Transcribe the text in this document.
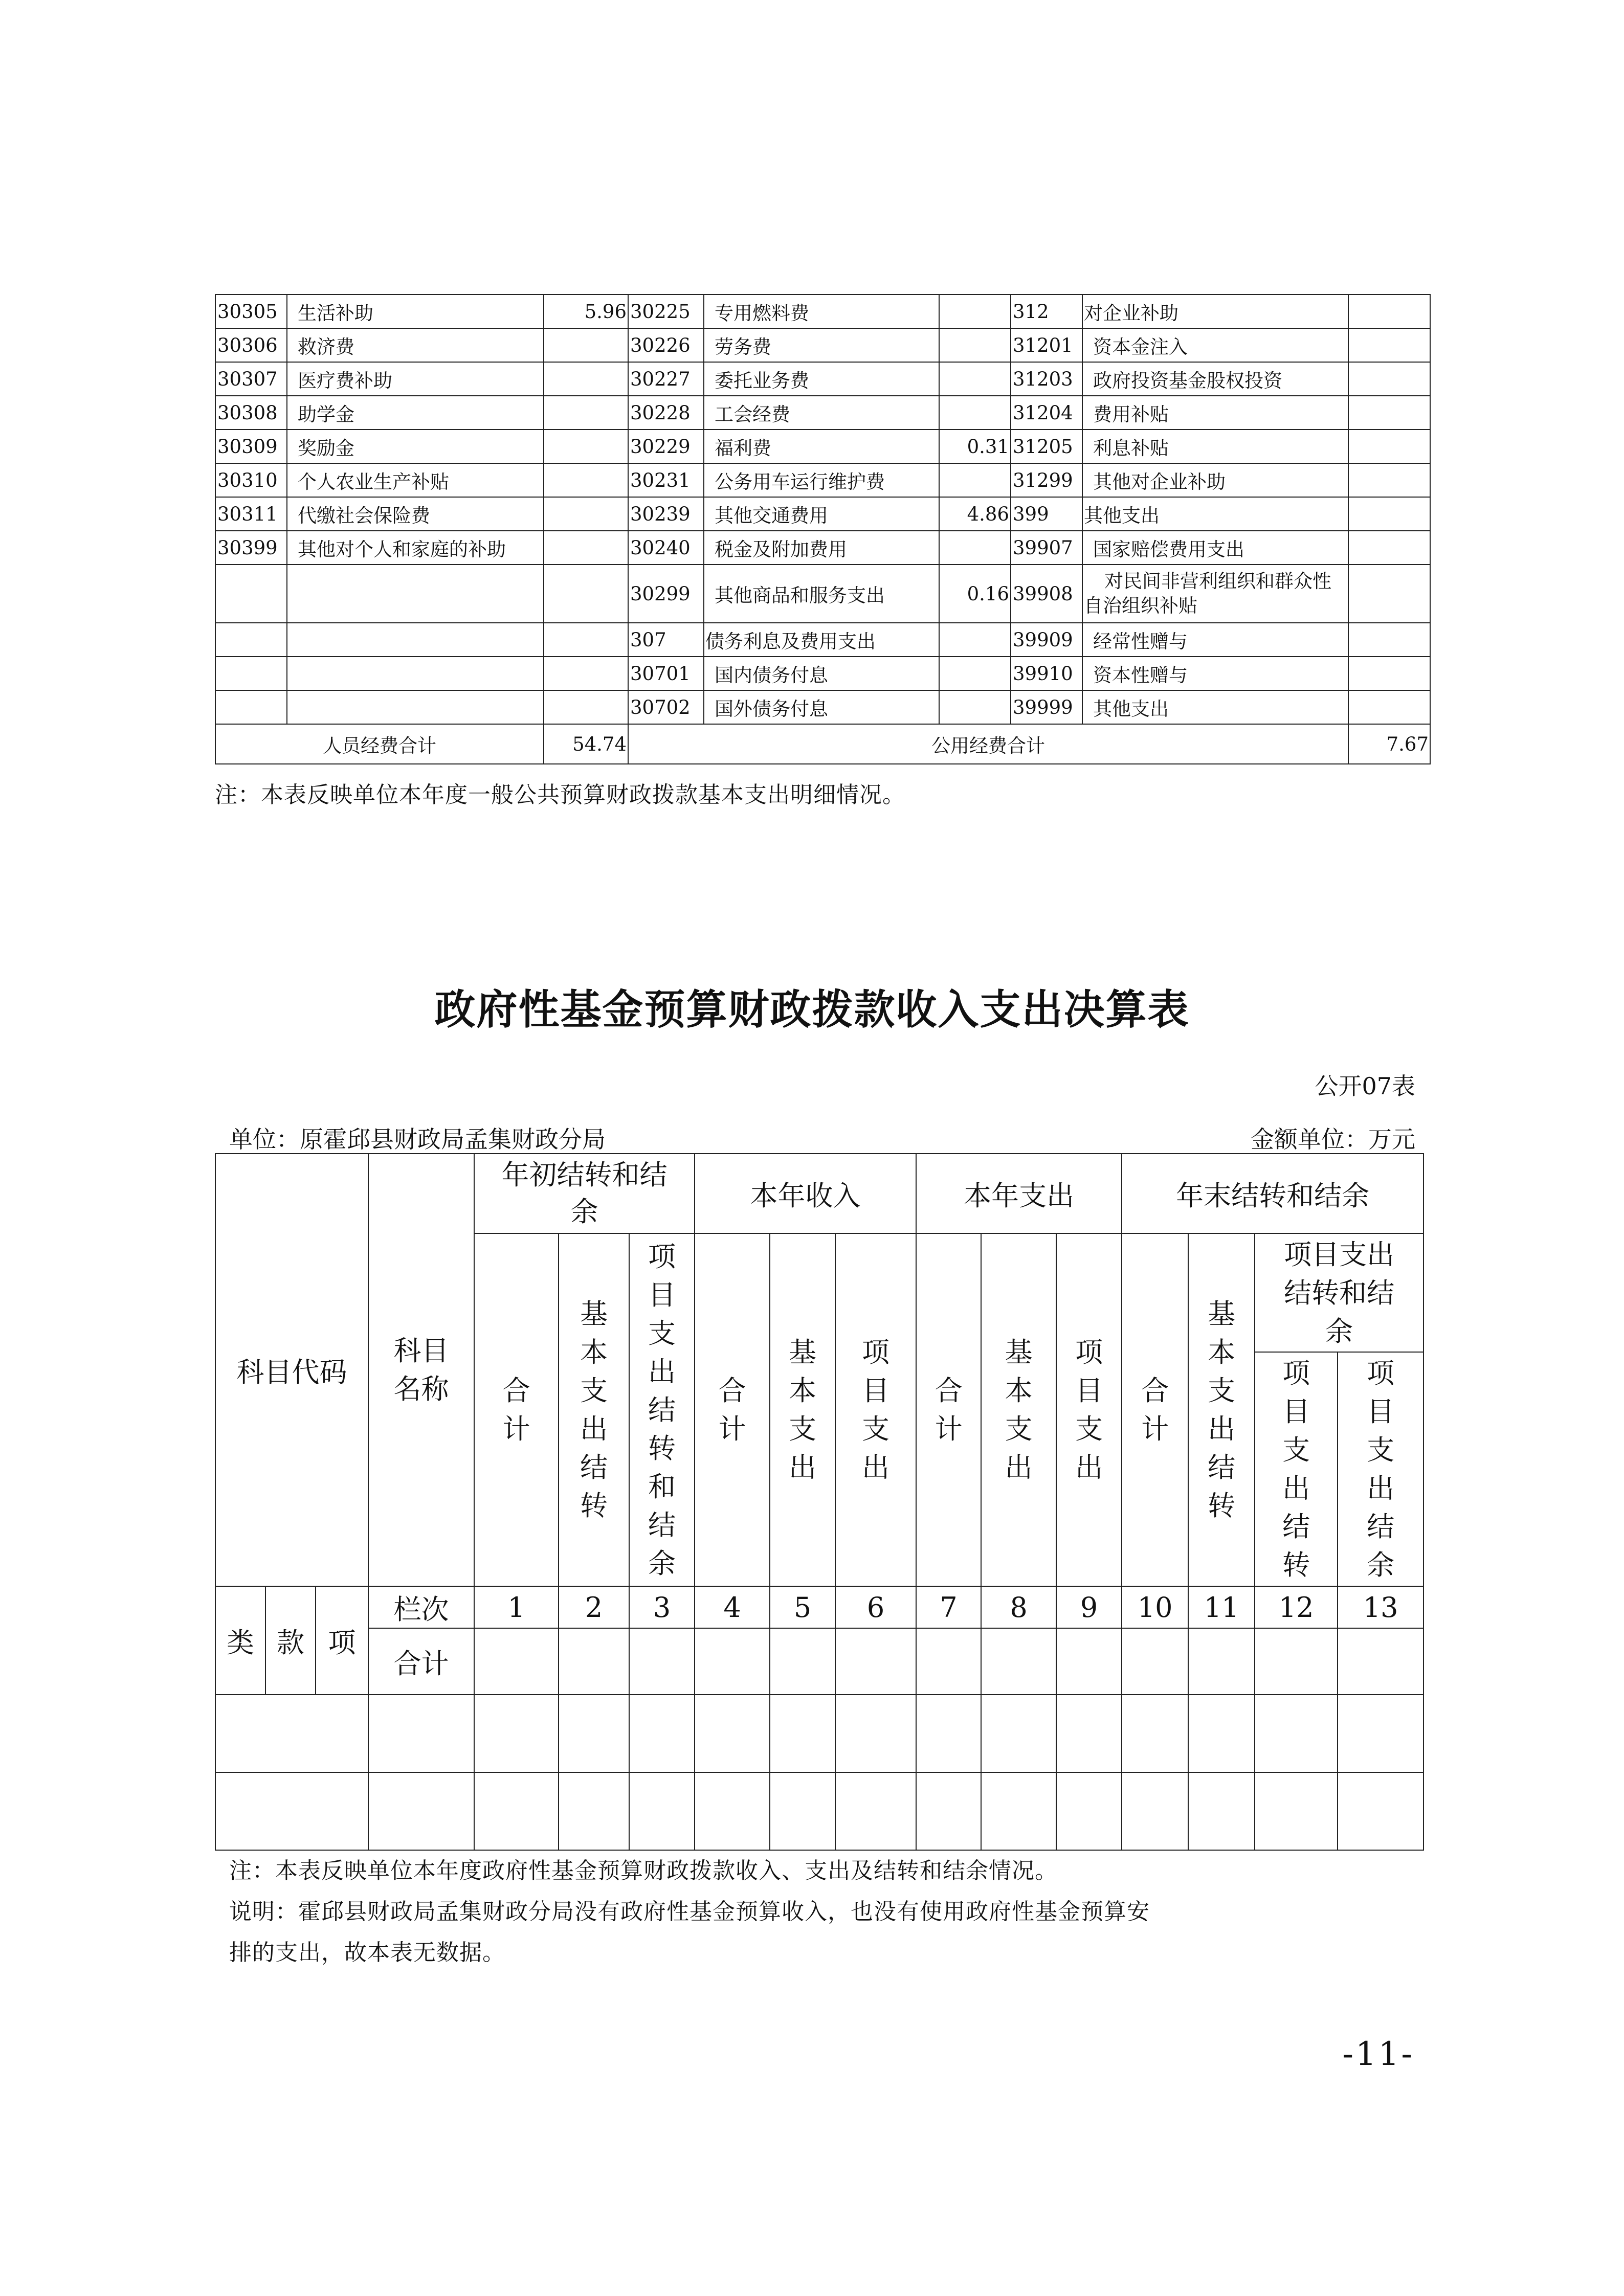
30305	生活补助	5.96	30225	专用燃料费		312	对企业补助	
30306	救济费		30226	劳务费		31201	资本金注入	
30307	医疗费补助		30227	委托业务费		31203	政府投资基金股权投资	
30308	助学金		30228	工会经费		31204	费用补贴	
30309	奖励金		30229	福利费	0.31	31205	利息补贴	
30310	个人农业生产补贴		30231	公务用车运行维护费		31299	其他对企业补助	
30311	代缴社会保险费		30239	其他交通费用	4.86	399	其他支出	
30399	其他对个人和家庭的补助		30240	税金及附加费用		39907	国家赔偿费用支出	
			30299	其他商品和服务支出	0.16	39908	对民间非营利组织和群众性自治组织补贴	
			307	债务利息及费用支出		39909	经常性赠与	
			30701	国内债务付息		39910	资本性赠与	
			30702	国外债务付息		39999	其他支出	
人员经费合计		54.74	公用经费合计					7.67
注：本表反映单位本年度一般公共预算财政拨款基本支出明细情况。
政府性基金预算财政拨款收入支出决算表
公开07表
单位：原霍邱县财政局孟集财政分局	金额单位：万元
科目代码			科目名称	年初结转和结余			本年收入			本年支出			年末结转和结余			
				合计	基本支出结转	项目支出结转和结余	合计	基本支出	项目支出	合计	基本支出	项目支出	合计	基本支出结转	项目支出结转和结余	
															项目支出结转	项目支出结余
类	款	项	栏次	1	2	3	4	5	6	7	8	9	10	11	12	13
			合计													

注：本表反映单位本年度政府性基金预算财政拨款收入、支出及结转和结余情况。
说明：霍邱县财政局孟集财政分局没有政府性基金预算收入，也没有使用政府性基金预算安
排的支出，故本表无数据。
-11-
